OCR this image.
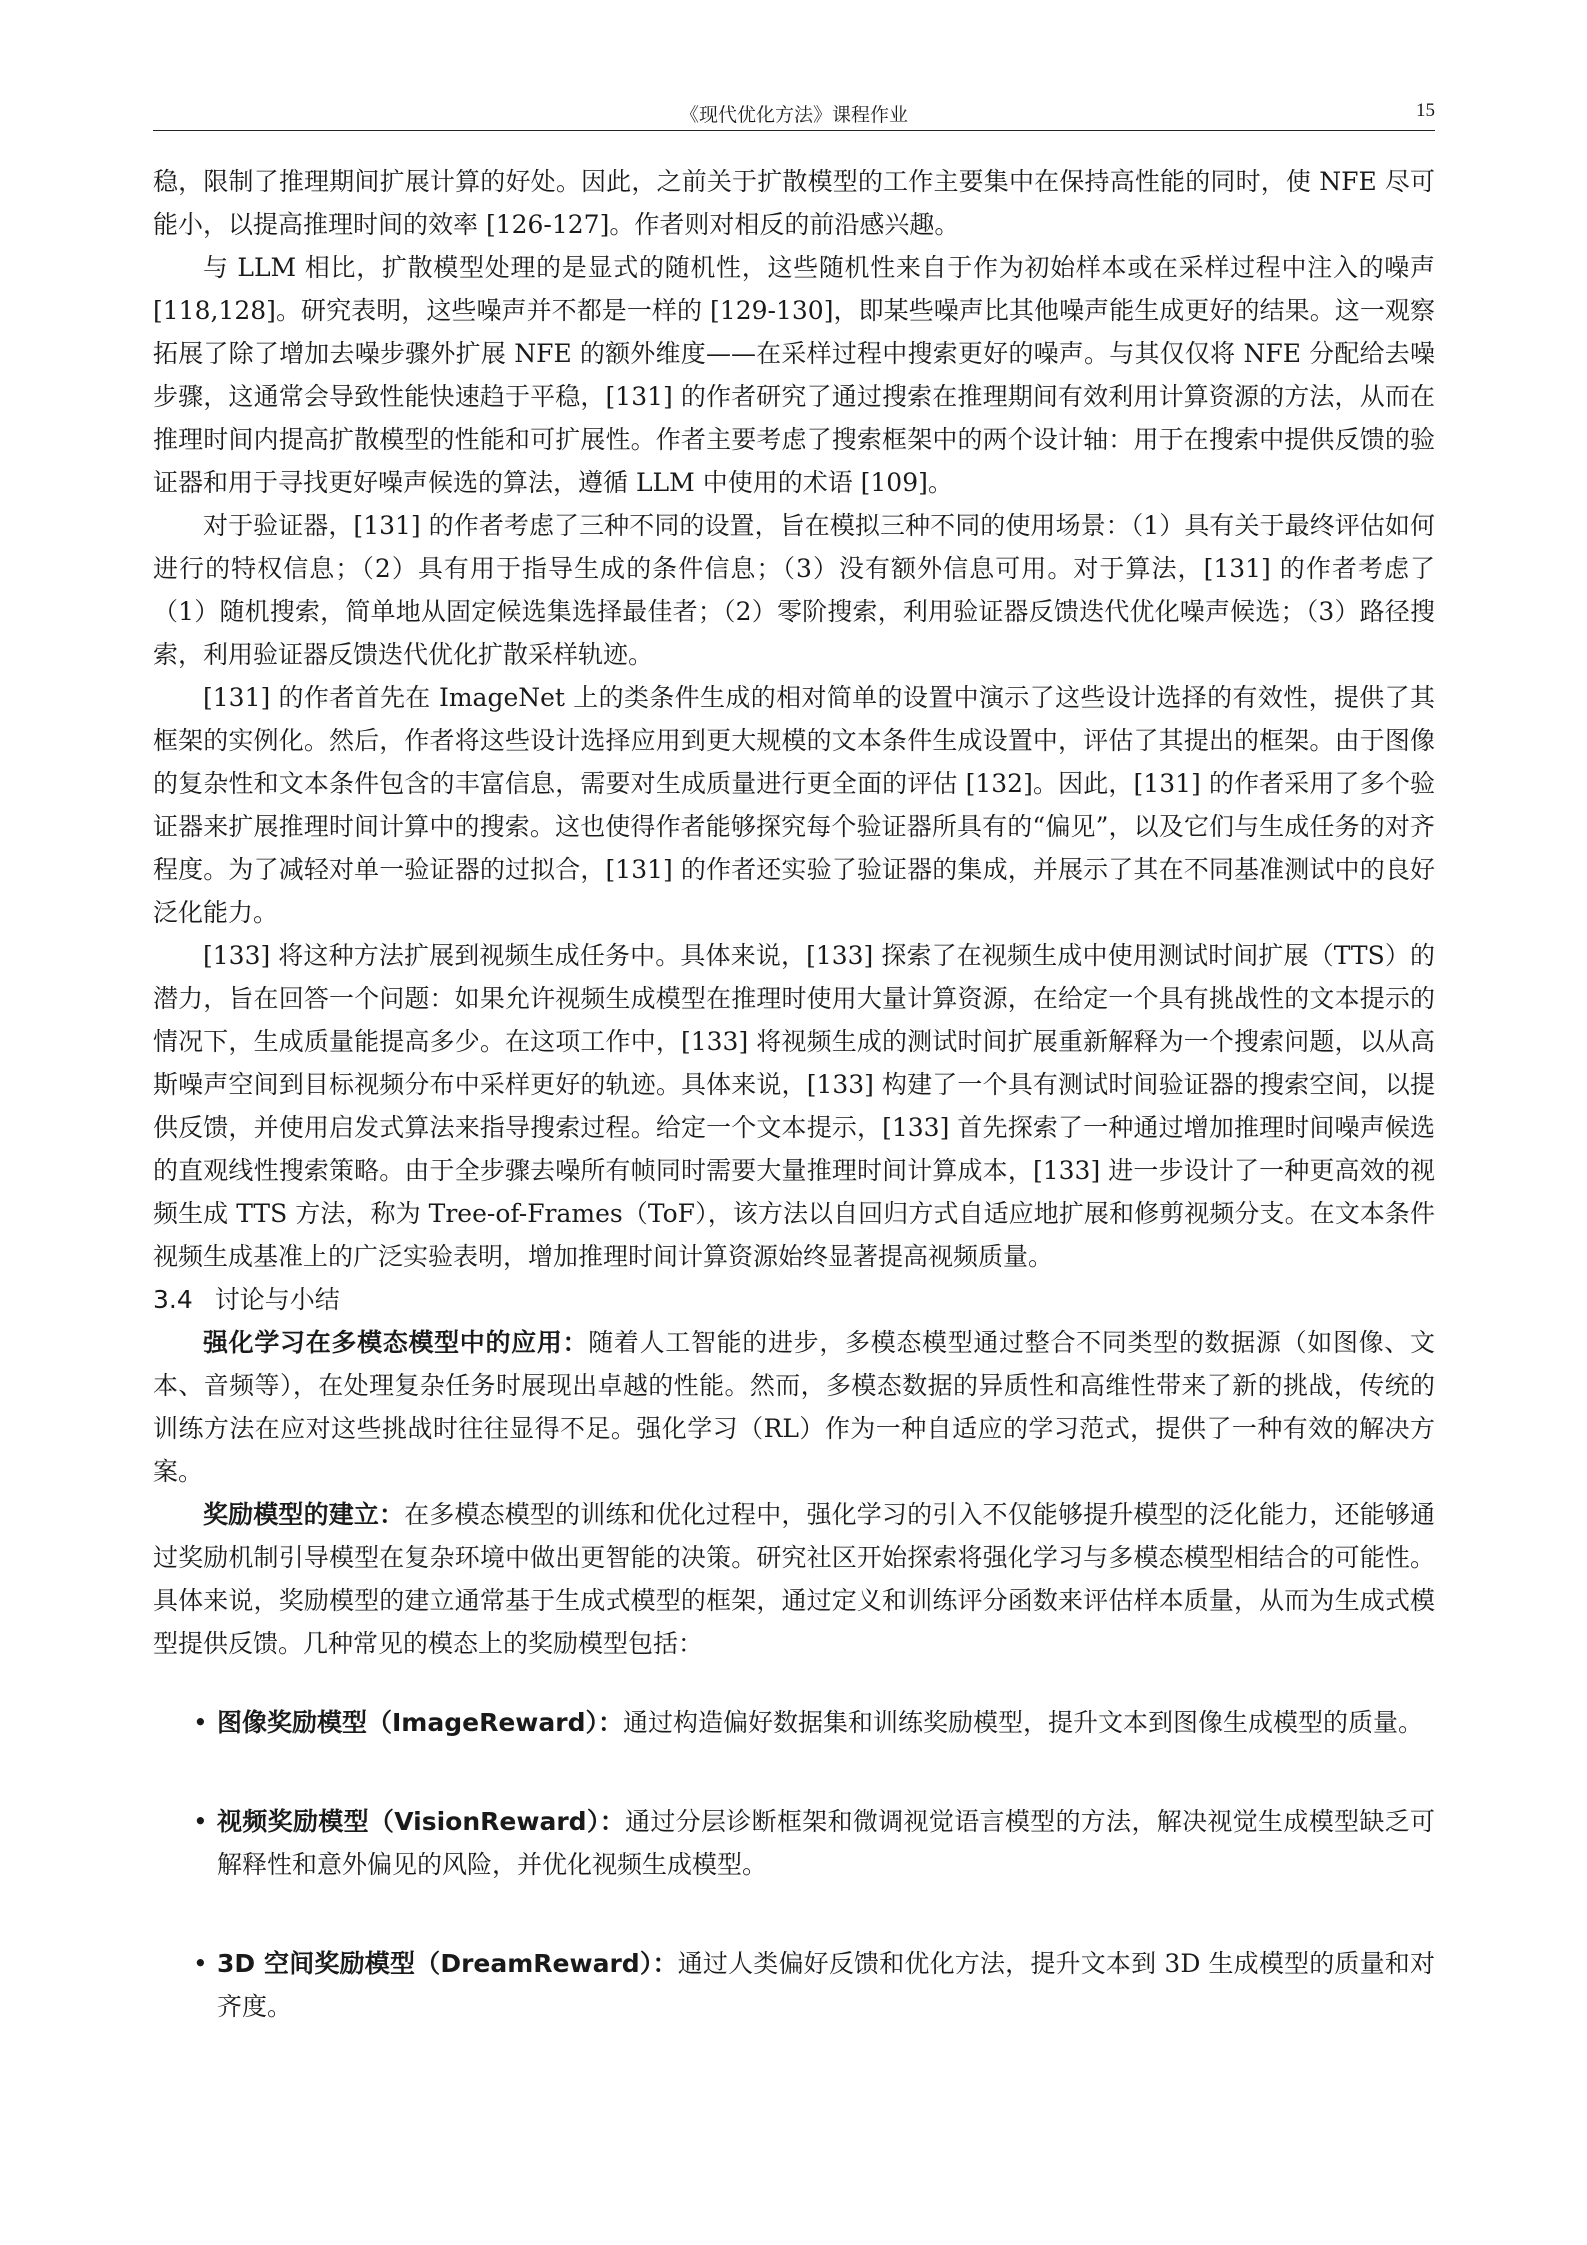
《现代优化方法》课程作业	15

稳，限制了推理期间扩展计算的好处。因此，之前关于扩散模型的工作主要集中在保持高性能的同时，使 NFE 尽可能小，以提高推理时间的效率 [126-127]。作者则对相反的前沿感兴趣。

与 LLM 相比，扩散模型处理的是显式的随机性，这些随机性来自于作为初始样本或在采样过程中注入的噪声 [118,128]。研究表明，这些噪声并不都是一样的 [129-130]，即某些噪声比其他噪声能生成更好的结果。这一观察拓展了除了增加去噪步骤外扩展 NFE 的额外维度——在采样过程中搜索更好的噪声。与其仅仅将 NFE 分配给去噪步骤，这通常会导致性能快速趋于平稳，[131] 的作者研究了通过搜索在推理期间有效利用计算资源的方法，从而在推理时间内提高扩散模型的性能和可扩展性。作者主要考虑了搜索框架中的两个设计轴：用于在搜索中提供反馈的验证器和用于寻找更好噪声候选的算法，遵循 LLM 中使用的术语 [109]。

对于验证器，[131] 的作者考虑了三种不同的设置，旨在模拟三种不同的使用场景：（1）具有关于最终评估如何进行的特权信息；（2）具有用于指导生成的条件信息；（3）没有额外信息可用。对于算法，[131] 的作者考虑了（1）随机搜索，简单地从固定候选集选择最佳者；（2）零阶搜索，利用验证器反馈迭代优化噪声候选；（3）路径搜索，利用验证器反馈迭代优化扩散采样轨迹。

[131] 的作者首先在 ImageNet 上的类条件生成的相对简单的设置中演示了这些设计选择的有效性，提供了其框架的实例化。然后，作者将这些设计选择应用到更大规模的文本条件生成设置中，评估了其提出的框架。由于图像的复杂性和文本条件包含的丰富信息，需要对生成质量进行更全面的评估 [132]。因此，[131] 的作者采用了多个验证器来扩展推理时间计算中的搜索。这也使得作者能够探究每个验证器所具有的“偏见”，以及它们与生成任务的对齐程度。为了减轻对单一验证器的过拟合，[131] 的作者还实验了验证器的集成，并展示了其在不同基准测试中的良好泛化能力。

[133] 将这种方法扩展到视频生成任务中。具体来说，[133] 探索了在视频生成中使用测试时间扩展（TTS）的潜力，旨在回答一个问题：如果允许视频生成模型在推理时使用大量计算资源，在给定一个具有挑战性的文本提示的情况下，生成质量能提高多少。在这项工作中，[133] 将视频生成的测试时间扩展重新解释为一个搜索问题，以从高斯噪声空间到目标视频分布中采样更好的轨迹。具体来说，[133] 构建了一个具有测试时间验证器的搜索空间，以提供反馈，并使用启发式算法来指导搜索过程。给定一个文本提示，[133] 首先探索了一种通过增加推理时间噪声候选的直观线性搜索策略。由于全步骤去噪所有帧同时需要大量推理时间计算成本，[133] 进一步设计了一种更高效的视频生成 TTS 方法，称为 Tree-of-Frames（ToF），该方法以自回归方式自适应地扩展和修剪视频分支。在文本条件视频生成基准上的广泛实验表明，增加推理时间计算资源始终显著提高视频质量。

3.4 讨论与小结

强化学习在多模态模型中的应用：随着人工智能的进步，多模态模型通过整合不同类型的数据源（如图像、文本、音频等），在处理复杂任务时展现出卓越的性能。然而，多模态数据的异质性和高维性带来了新的挑战，传统的训练方法在应对这些挑战时往往显得不足。强化学习（RL）作为一种自适应的学习范式，提供了一种有效的解决方案。

奖励模型的建立：在多模态模型的训练和优化过程中，强化学习的引入不仅能够提升模型的泛化能力，还能够通过奖励机制引导模型在复杂环境中做出更智能的决策。研究社区开始探索将强化学习与多模态模型相结合的可能性。具体来说，奖励模型的建立通常基于生成式模型的框架，通过定义和训练评分函数来评估样本质量，从而为生成式模型提供反馈。几种常见的模态上的奖励模型包括：

• 图像奖励模型（ImageReward）：通过构造偏好数据集和训练奖励模型，提升文本到图像生成模型的质量。
• 视频奖励模型（VisionReward）：通过分层诊断框架和微调视觉语言模型的方法，解决视觉生成模型缺乏可解释性和意外偏见的风险，并优化视频生成模型。
• 3D 空间奖励模型（DreamReward）：通过人类偏好反馈和优化方法，提升文本到 3D 生成模型的质量和对齐度。
